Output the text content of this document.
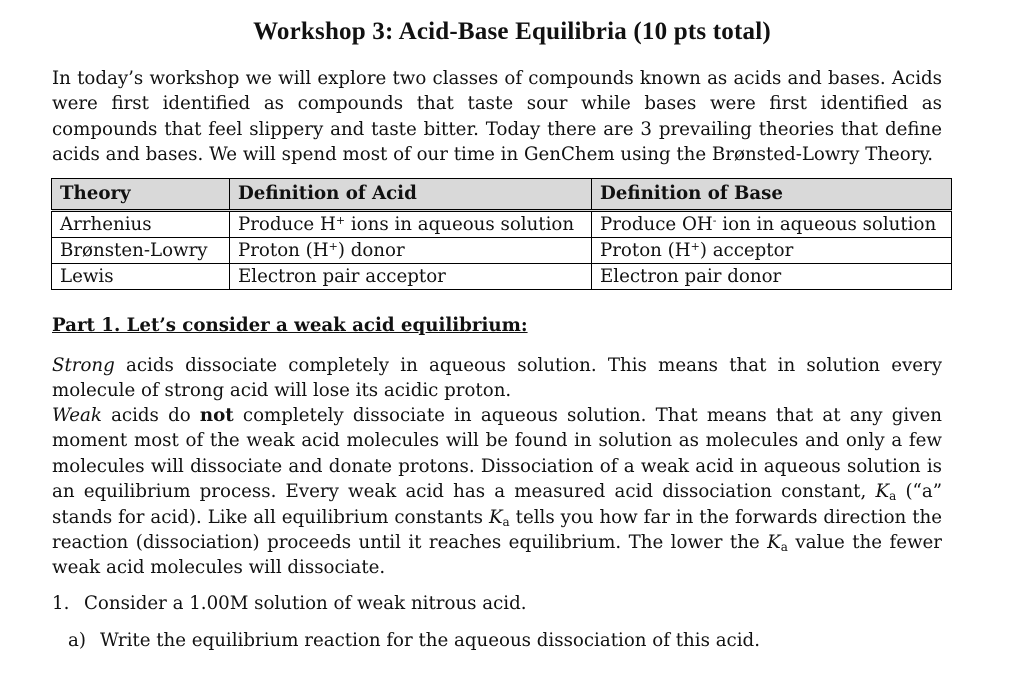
Workshop 3: Acid-Base Equilibria (10 pts total)
In today’s workshop we will explore two classes of compounds known as acids and bases. Acids were first identified as compounds that taste sour while bases were first identified as compounds that feel slippery and taste bitter. Today there are 3 prevailing theories that define acids and bases. We will spend most of our time in GenChem using the Brønsted-Lowry Theory.
Theory	Definition of Acid	Definition of Base
Arrhenius	Produce H+ ions in aqueous solution	Produce OH- ion in aqueous solution
Brønsten-Lowry	Proton (H+) donor	Proton (H+) acceptor
Lewis	Electron pair acceptor	Electron pair donor
Part 1. Let’s consider a weak acid equilibrium:
Strong acids dissociate completely in aqueous solution. This means that in solution every molecule of strong acid will lose its acidic proton.
Weak acids do not completely dissociate in aqueous solution. That means that at any given moment most of the weak acid molecules will be found in solution as molecules and only a few molecules will dissociate and donate protons. Dissociation of a weak acid in aqueous solution is an equilibrium process. Every weak acid has a measured acid dissociation constant, $K_a$ (“a” stands for acid). Like all equilibrium constants $K_a$ tells you how far in the forwards direction the reaction (dissociation) proceeds until it reaches equilibrium. The lower the $K_a$ value the fewer weak acid molecules will dissociate.
1. Consider a 1.00M solution of weak nitrous acid.
a) Write the equilibrium reaction for the aqueous dissociation of this acid.
